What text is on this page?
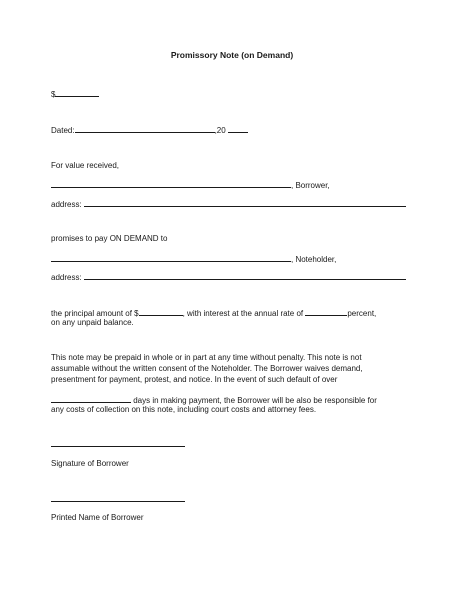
Promissory Note (on Demand)
$
Dated:	,20
For value received,
, Borrower,
address:
promises to pay ON DEMAND to
, Noteholder,
address:
the principal amount of $	, with interest at the annual rate of	percent,
on any unpaid balance.
This note may be prepaid in whole or in part at any time without penalty. This note is not
assumable without the written consent of the Noteholder. The Borrower waives demand,
presentment for payment, protest, and notice. In the event of such default of over
days in making payment, the Borrower will be also be responsible for
any costs of collection on this note, including court costs and attorney fees.
Signature of Borrower
Printed Name of Borrower
